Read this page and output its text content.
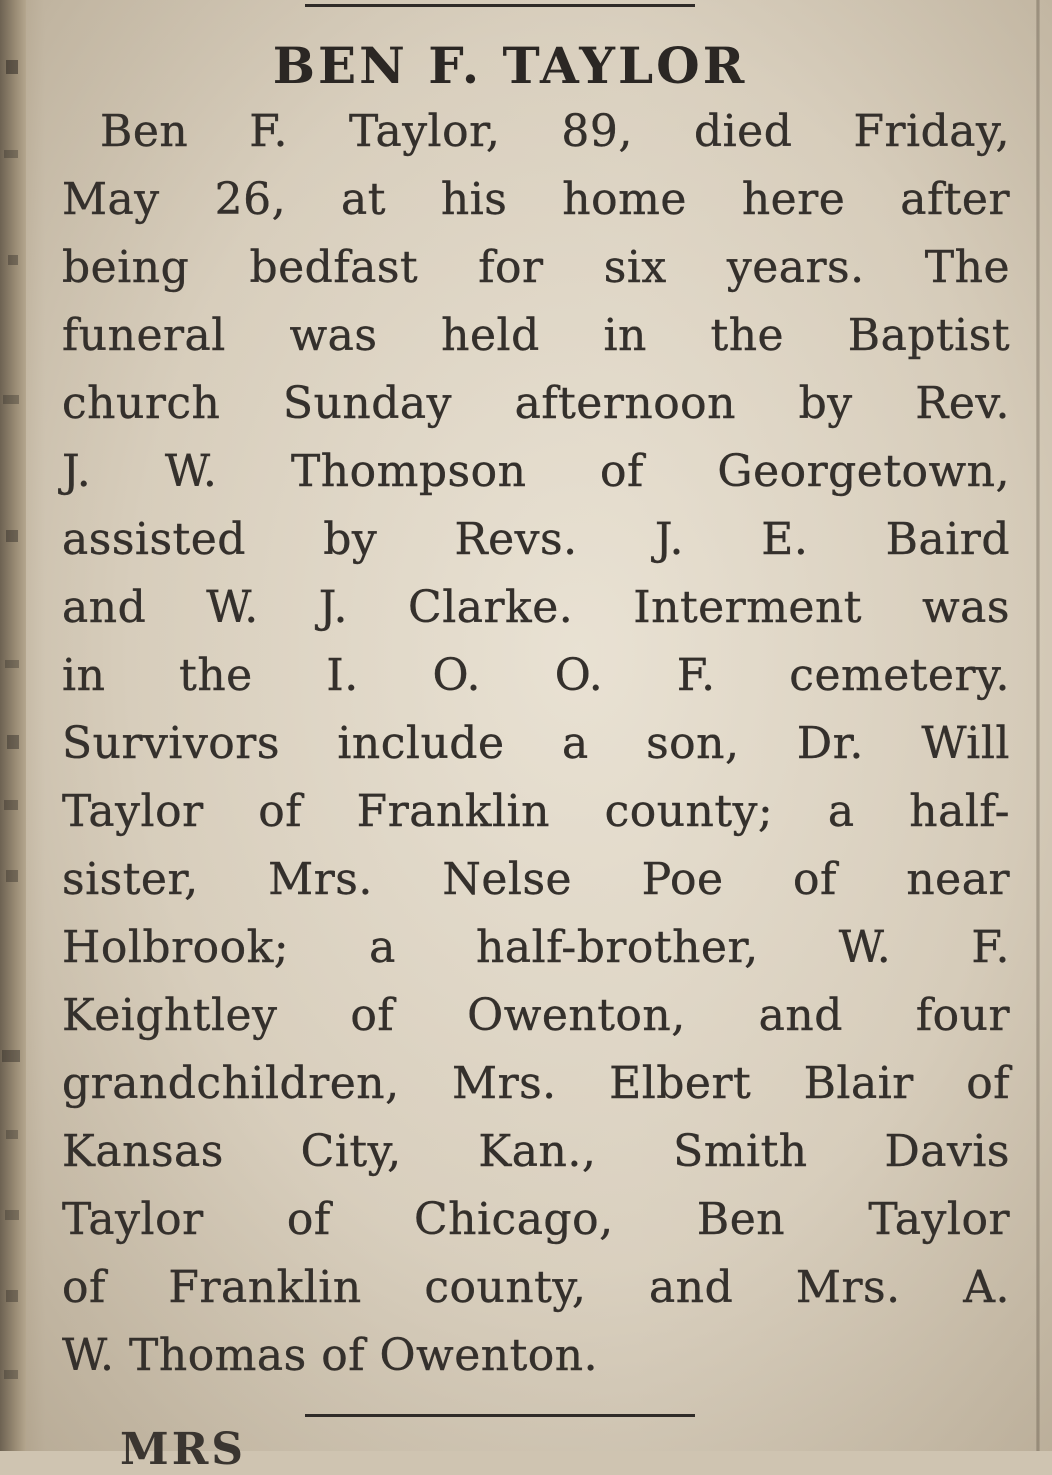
BEN F. TAYLOR
Ben F. Taylor, 89, died Friday,
May 26, at his home here after
being bedfast for six years. The
funeral was held in the Baptist
church Sunday afternoon by Rev.
J. W. Thompson of Georgetown,
assisted by Revs. J. E. Baird
and W. J. Clarke. Interment was
in the I. O. O. F. cemetery.
Survivors include a son, Dr. Will
Taylor of Franklin county; a half-
sister, Mrs. Nelse Poe of near
Holbrook; a half-brother, W. F.
Keightley of Owenton, and four
grandchildren, Mrs. Elbert Blair of
Kansas City, Kan., Smith Davis
Taylor of Chicago, Ben Taylor
of Franklin county, and Mrs. A.
W. Thomas of Owenton.
MRS
